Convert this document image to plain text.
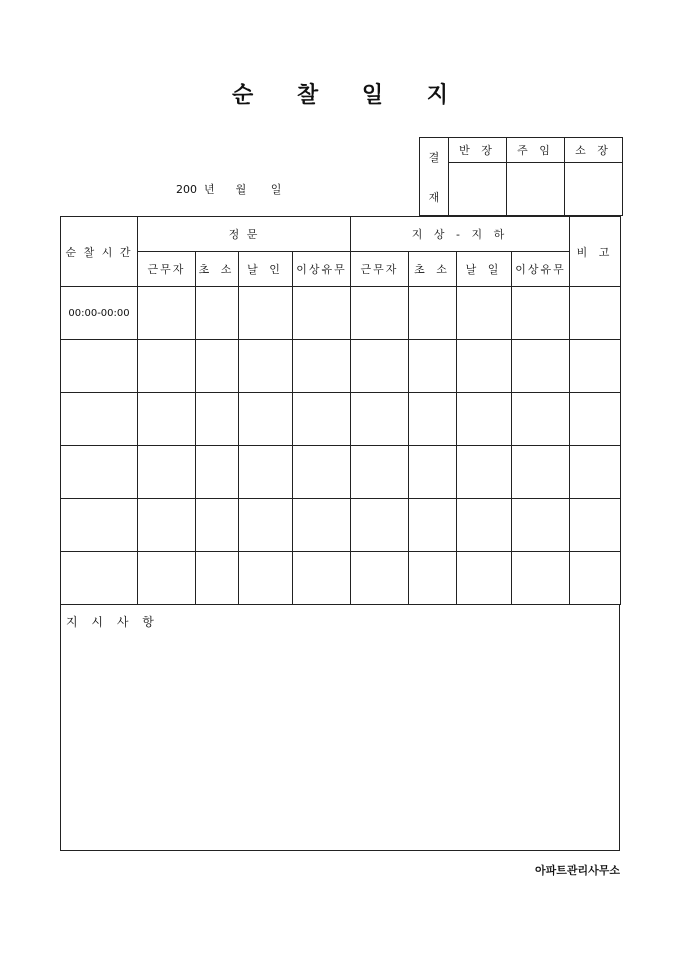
순 찰 일 지
200  년      월       일
결
재	반 장	주 임	소 장

순 찰 시 간	정 문				지 상 - 지 하				비 고
	근무자	초 소	날 인	이상유무	근무자	초 소	날 일	이상유무	
00:00-00:00									

지 시 사 항
아파트관리사무소
